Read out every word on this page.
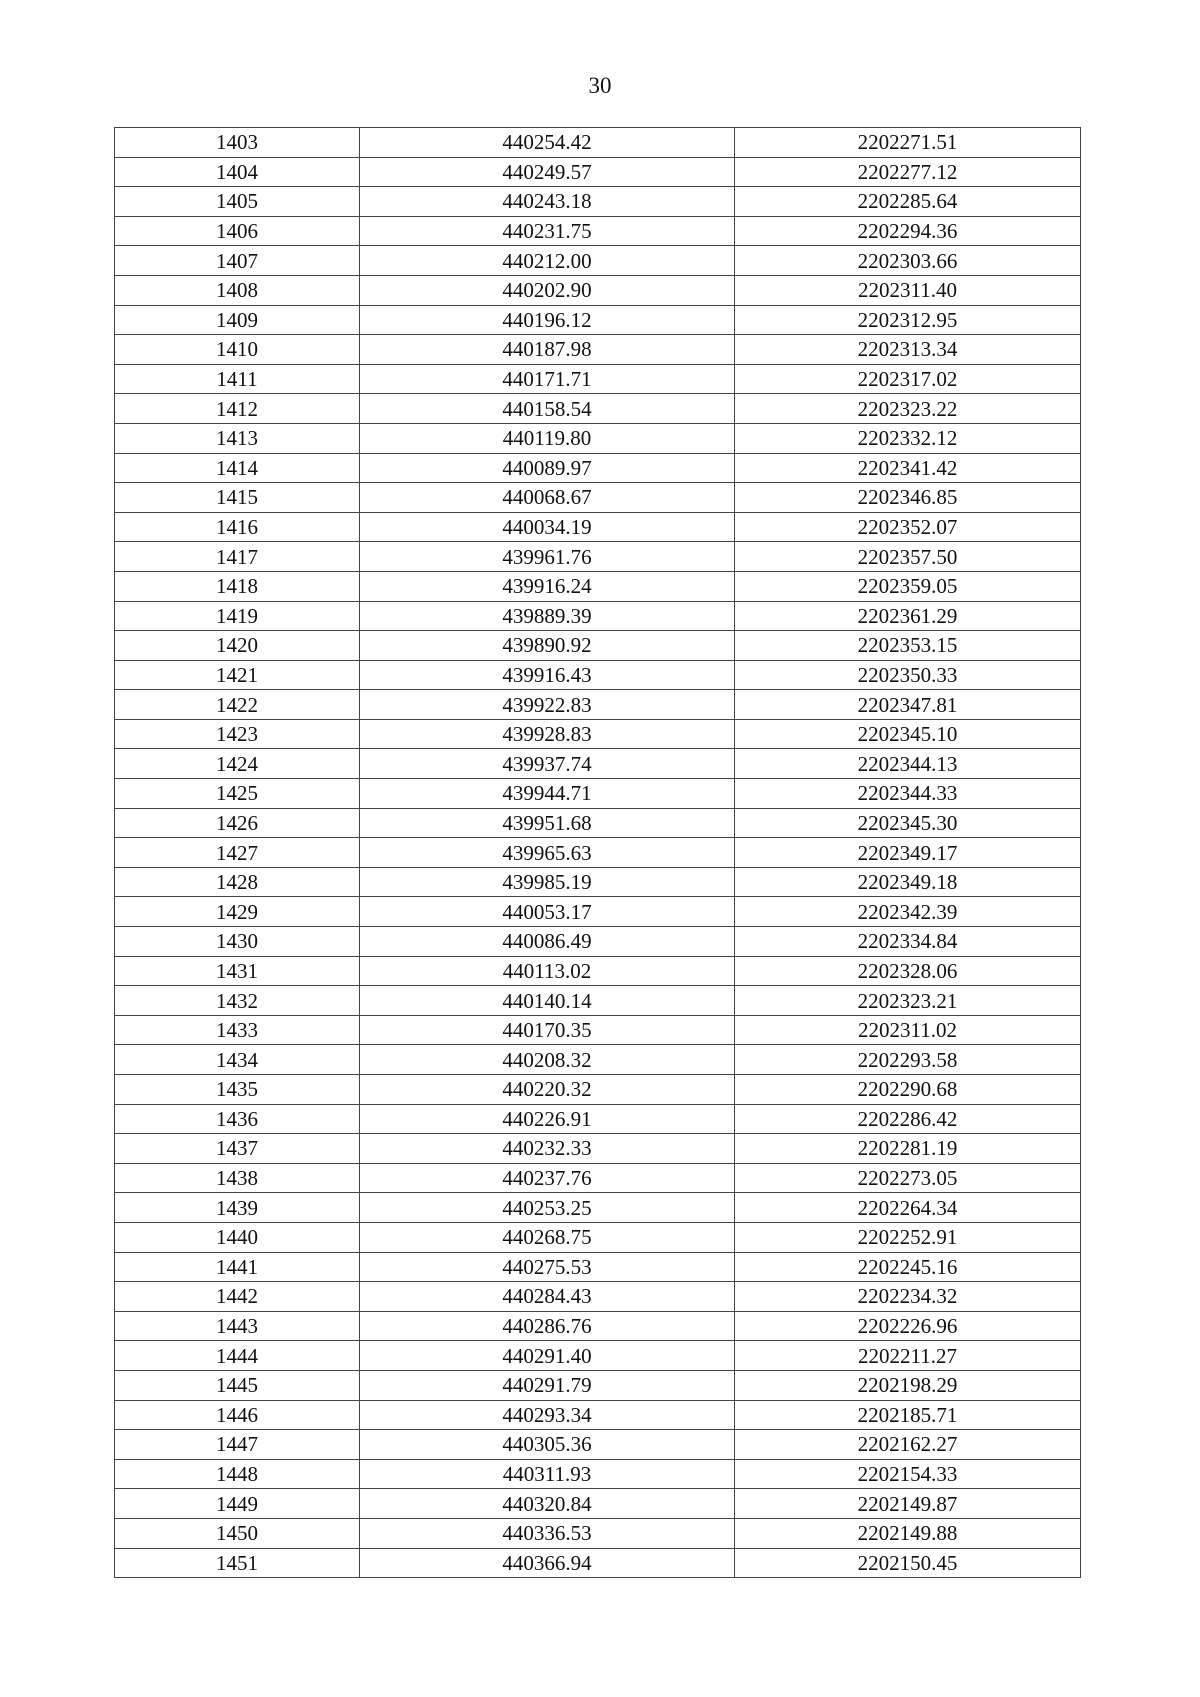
30
1403	440254.42	2202271.51
1404	440249.57	2202277.12
1405	440243.18	2202285.64
1406	440231.75	2202294.36
1407	440212.00	2202303.66
1408	440202.90	2202311.40
1409	440196.12	2202312.95
1410	440187.98	2202313.34
1411	440171.71	2202317.02
1412	440158.54	2202323.22
1413	440119.80	2202332.12
1414	440089.97	2202341.42
1415	440068.67	2202346.85
1416	440034.19	2202352.07
1417	439961.76	2202357.50
1418	439916.24	2202359.05
1419	439889.39	2202361.29
1420	439890.92	2202353.15
1421	439916.43	2202350.33
1422	439922.83	2202347.81
1423	439928.83	2202345.10
1424	439937.74	2202344.13
1425	439944.71	2202344.33
1426	439951.68	2202345.30
1427	439965.63	2202349.17
1428	439985.19	2202349.18
1429	440053.17	2202342.39
1430	440086.49	2202334.84
1431	440113.02	2202328.06
1432	440140.14	2202323.21
1433	440170.35	2202311.02
1434	440208.32	2202293.58
1435	440220.32	2202290.68
1436	440226.91	2202286.42
1437	440232.33	2202281.19
1438	440237.76	2202273.05
1439	440253.25	2202264.34
1440	440268.75	2202252.91
1441	440275.53	2202245.16
1442	440284.43	2202234.32
1443	440286.76	2202226.96
1444	440291.40	2202211.27
1445	440291.79	2202198.29
1446	440293.34	2202185.71
1447	440305.36	2202162.27
1448	440311.93	2202154.33
1449	440320.84	2202149.87
1450	440336.53	2202149.88
1451	440366.94	2202150.45
